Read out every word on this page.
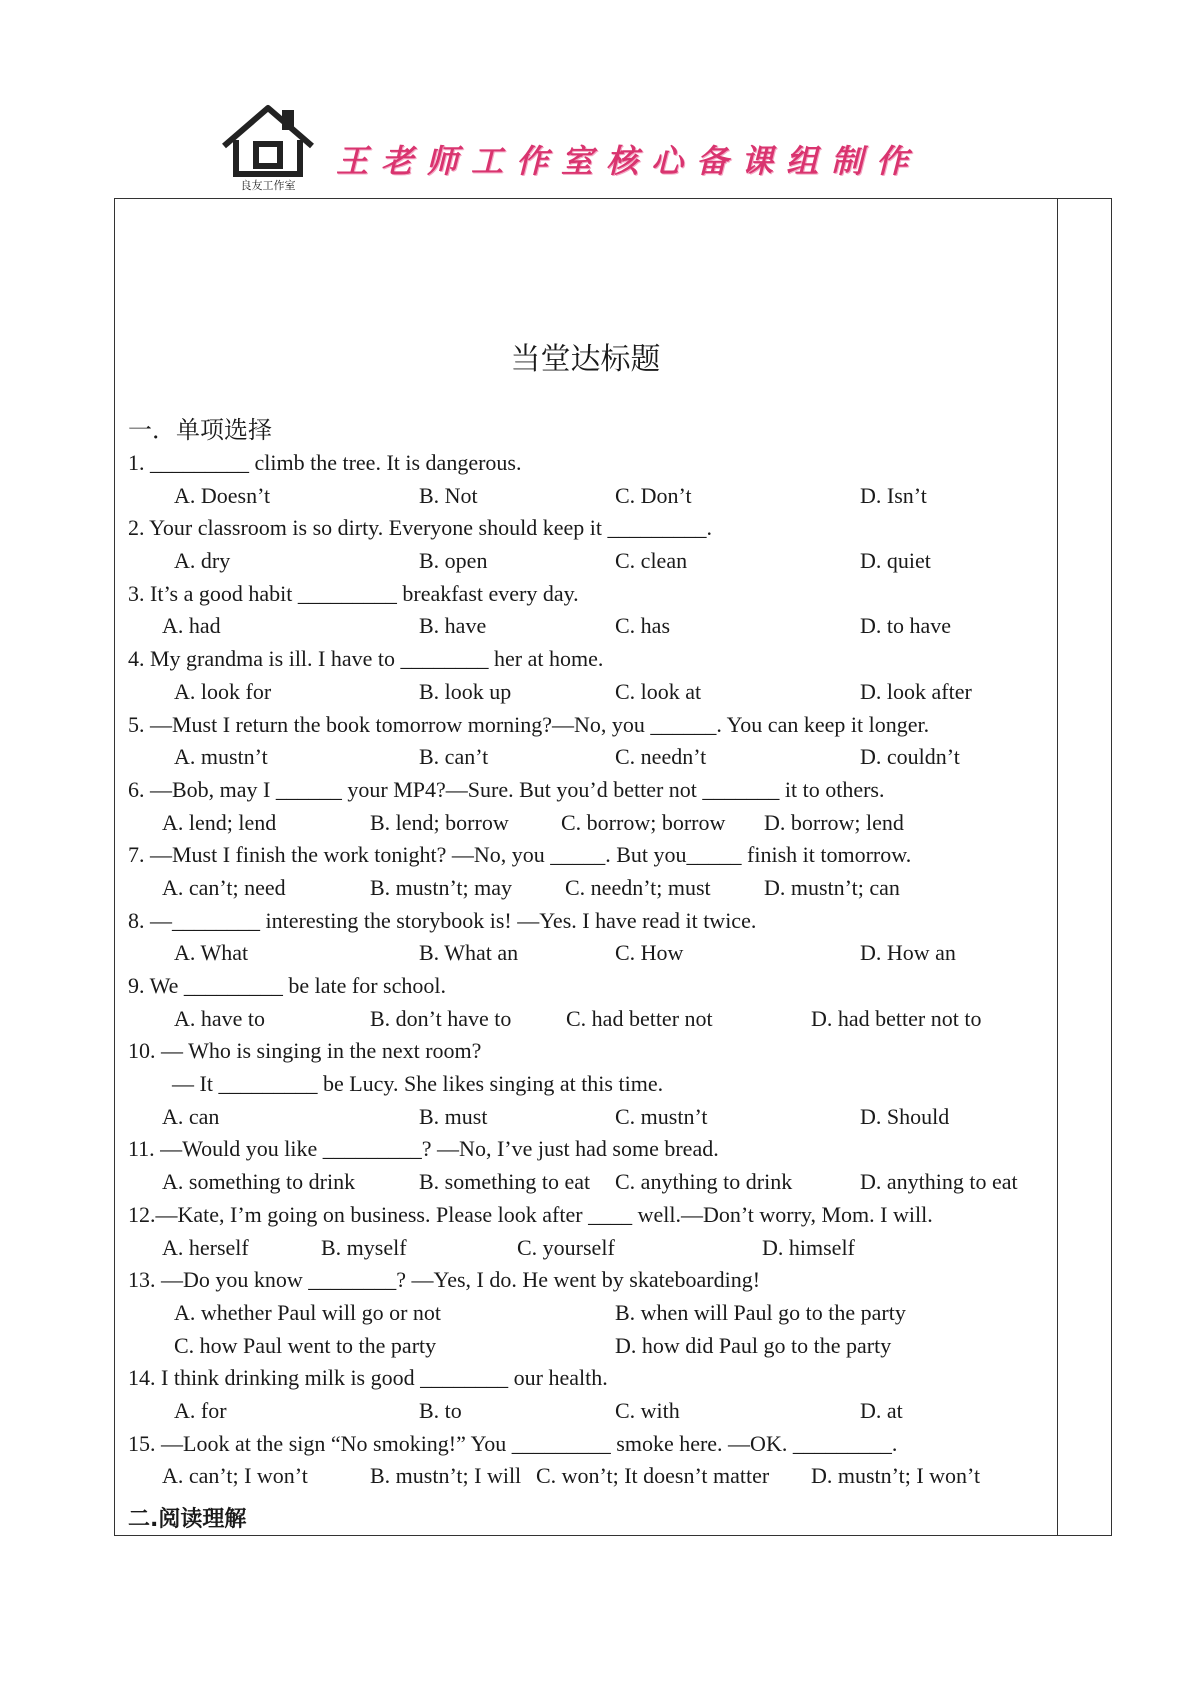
良友工作室
王老师工作室核心备课组制作
当堂达标题
一．单项选择
1. _________ climb the tree. It is dangerous.
A. Doesn’t	B. Not	C. Don’t	D. Isn’t
2. Your classroom is so dirty. Everyone should keep it _________.
A. dry	B. open	C. clean	D. quiet
3. It’s a good habit _________ breakfast every day.
A. had	B. have	C. has	D. to have
4. My grandma is ill. I have to ________ her at home.
A. look for	B. look up	C. look at	D. look after
5. —Must I return the book tomorrow morning?—No, you ______. You can keep it longer.
A. mustn’t	B. can’t	C. needn’t	D. couldn’t
6. —Bob, may I ______ your MP4?—Sure. But you’d better not _______ it to others.
A. lend; lend	B. lend; borrow C. borrow; borrow D. borrow; lend
7. —Must I finish the work tonight? —No, you _____. But you_____ finish it tomorrow.
A. can’t; need	B. mustn’t; may C. needn’t; must D. mustn’t; can
8. —________ interesting the storybook is! —Yes. I have read it twice.
A. What	B. What an	C. How	D. How an
9. We _________ be late for school.
A. have to	B. don’t have to C. had better not	D. had better not to
10. — Who is singing in the next room?
— It _________ be Lucy. She likes singing at this time.
A. can	B. must	C. mustn’t	D. Should
11. —Would you like _________? —No, I’ve just had some bread.
A. something to drink	B. something to eat C. anything to drink	D. anything to eat
12.—Kate, I’m going on business. Please look after ____ well.—Don’t worry, Mom. I will.
A. herself	B. myself	C. yourself	D. himself
13. —Do you know ________? —Yes, I do. He went by skateboarding!
A. whether Paul will go or not	B. when will Paul go to the party
C. how Paul went to the party	D. how did Paul go to the party
14. I think drinking milk is good ________ our health.
A. for	B. to	C. with	D. at
15. —Look at the sign “No smoking!” You _________ smoke here. —OK. _________.
A. can’t; I won’t	B. mustn’t; I will C. won’t; It doesn’t matter D. mustn’t; I won’t
二.阅读理解
